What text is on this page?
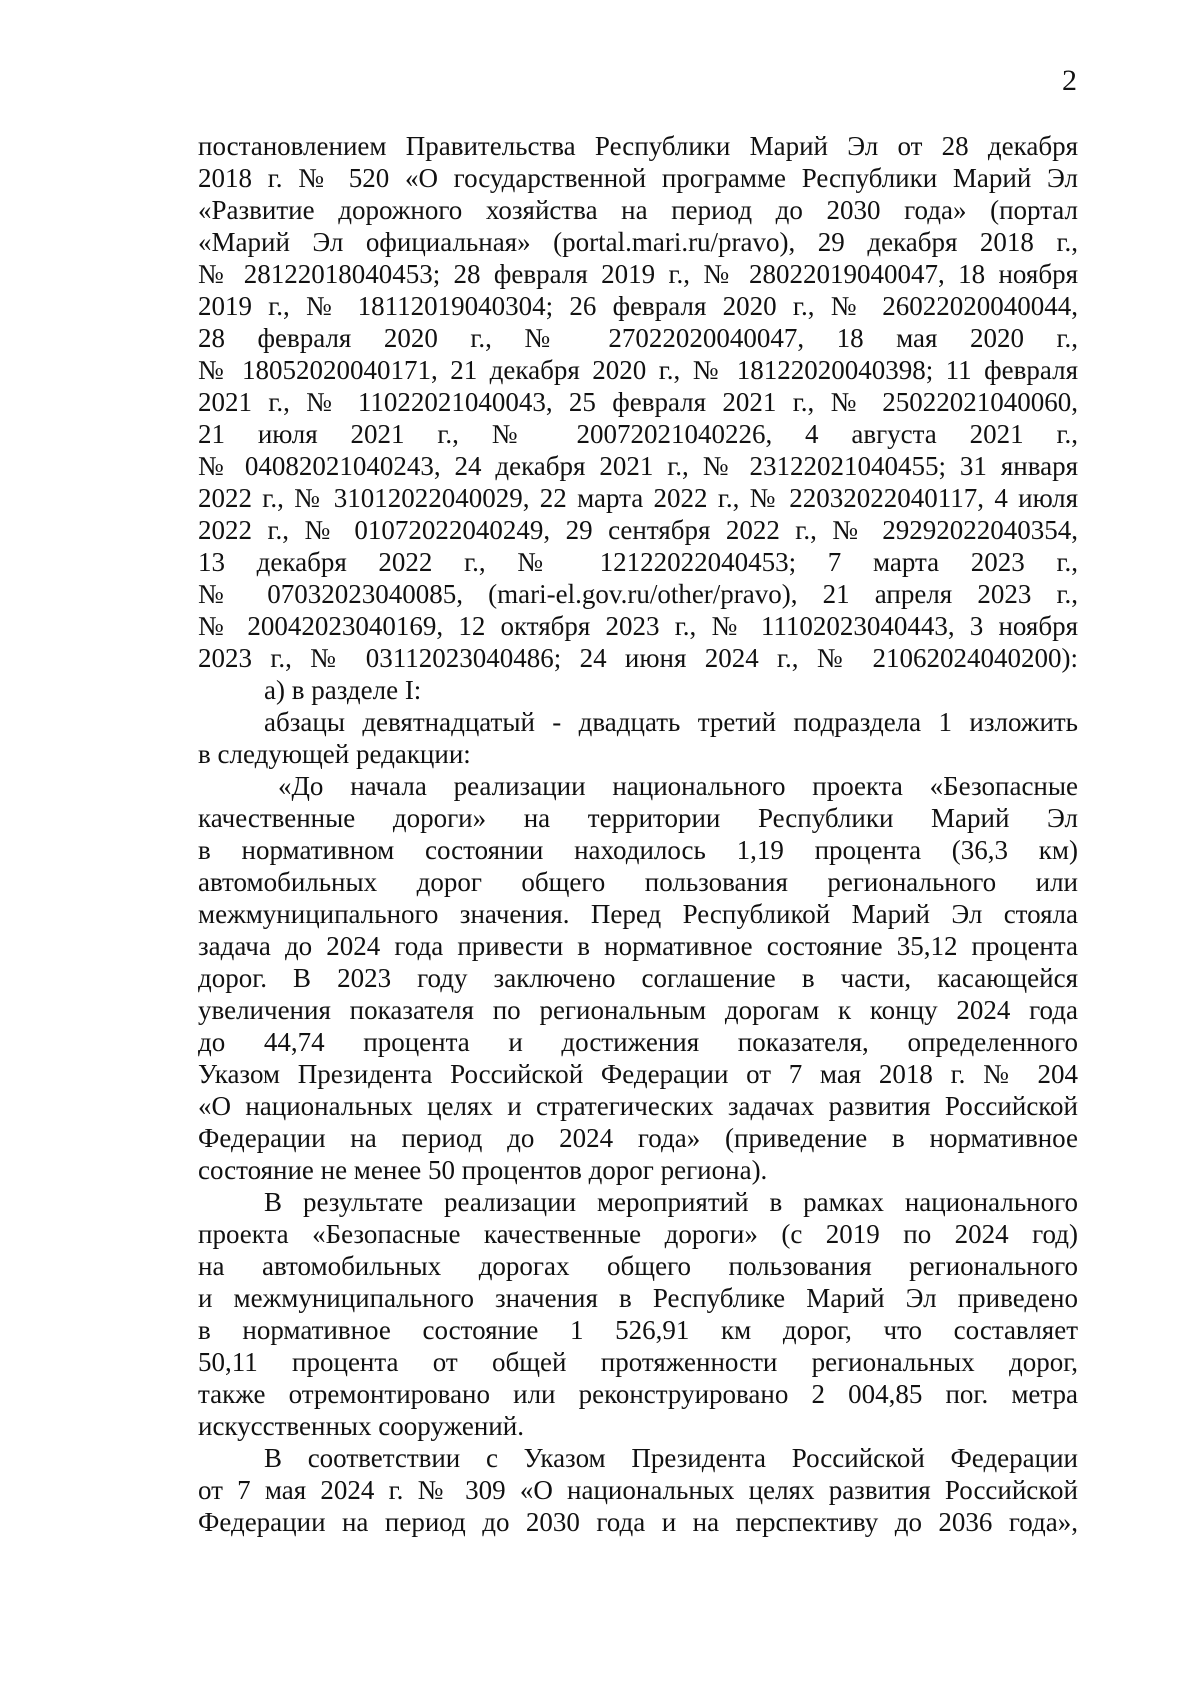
2
постановлением Правительства Республики Марий Эл от 28 декабря
2018 г. № 520 «О государственной программе Республики Марий Эл
«Развитие дорожного хозяйства на период до 2030 года» (портал
«Марий Эл официальная» (portal.mari.ru/pravo), 29 декабря 2018 г.,
№ 28122018040453; 28 февраля 2019 г., № 28022019040047, 18 ноября
2019 г., № 18112019040304; 26 февраля 2020 г., № 26022020040044,
28 февраля 2020 г., № 27022020040047, 18 мая 2020 г.,
№ 18052020040171, 21 декабря 2020 г., № 18122020040398; 11 февраля
2021 г., № 11022021040043, 25 февраля 2021 г., № 25022021040060,
21 июля 2021 г., № 20072021040226, 4 августа 2021 г.,
№ 04082021040243, 24 декабря 2021 г., № 23122021040455; 31 января
2022 г., № 31012022040029, 22 марта 2022 г., № 22032022040117, 4 июля
2022 г., № 01072022040249, 29 сентября 2022 г., № 29292022040354,
13 декабря 2022 г., № 12122022040453; 7 марта 2023 г.,
№ 07032023040085, (mari-el.gov.ru/other/pravo), 21 апреля 2023 г.,
№ 20042023040169, 12 октября 2023 г., № 11102023040443, 3 ноября
2023 г., № 03112023040486; 24 июня 2024 г., № 21062024040200):
а) в разделе I:
абзацы девятнадцатый - двадцать третий подраздела 1 изложить
в следующей редакции:
«До начала реализации национального проекта «Безопасные
качественные дороги» на территории Республики Марий Эл
в нормативном состоянии находилось 1,19 процента (36,3 км)
автомобильных дорог общего пользования регионального или
межмуниципального значения. Перед Республикой Марий Эл стояла
задача до 2024 года привести в нормативное состояние 35,12 процента
дорог. В 2023 году заключено соглашение в части, касающейся
увеличения показателя по региональным дорогам к концу 2024 года
до 44,74 процента и достижения показателя, определенного
Указом Президента Российской Федерации от 7 мая 2018 г. № 204
«О национальных целях и стратегических задачах развития Российской
Федерации на период до 2024 года» (приведение в нормативное
состояние не менее 50 процентов дорог региона).
В результате реализации мероприятий в рамках национального
проекта «Безопасные качественные дороги» (с 2019 по 2024 год)
на автомобильных дорогах общего пользования регионального
и межмуниципального значения в Республике Марий Эл приведено
в нормативное состояние 1 526,91 км дорог, что составляет
50,11 процента от общей протяженности региональных дорог,
также отремонтировано или реконструировано 2 004,85 пог. метра
искусственных сооружений.
В соответствии с Указом Президента Российской Федерации
от 7 мая 2024 г. № 309 «О национальных целях развития Российской
Федерации на период до 2030 года и на перспективу до 2036 года»,
